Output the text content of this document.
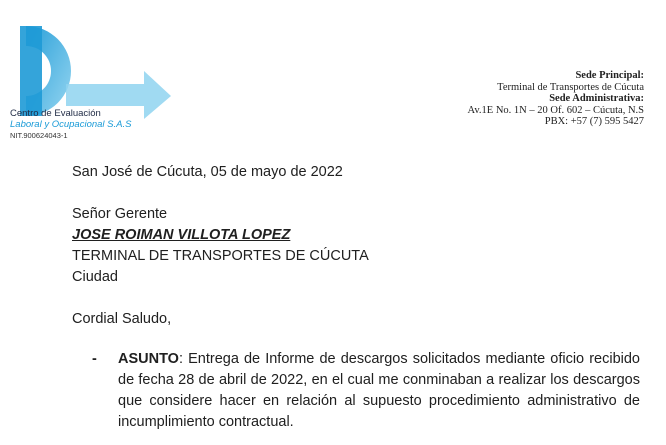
Centro de Evaluación
Laboral y Ocupacional S.A.S
NIT.900624043-1
Sede Principal:
Terminal de Transportes de Cúcuta
Sede Administrativa:
Av.1E No. 1N – 20 Of. 602 – Cúcuta, N.S
PBX: +57 (7) 595 5427
San José de Cúcuta, 05 de mayo de 2022
Señor Gerente
JOSE ROIMAN VILLOTA LOPEZ
TERMINAL DE TRANSPORTES DE CÚCUTA
Ciudad
Cordial Saludo,
- ASUNTO: Entrega de Informe de descargos solicitados mediante oficio recibido de fecha 28 de abril de 2022, en el cual me conminaban a realizar los descargos que considere hacer en relación al supuesto procedimiento administrativo de incumplimiento contractual.
